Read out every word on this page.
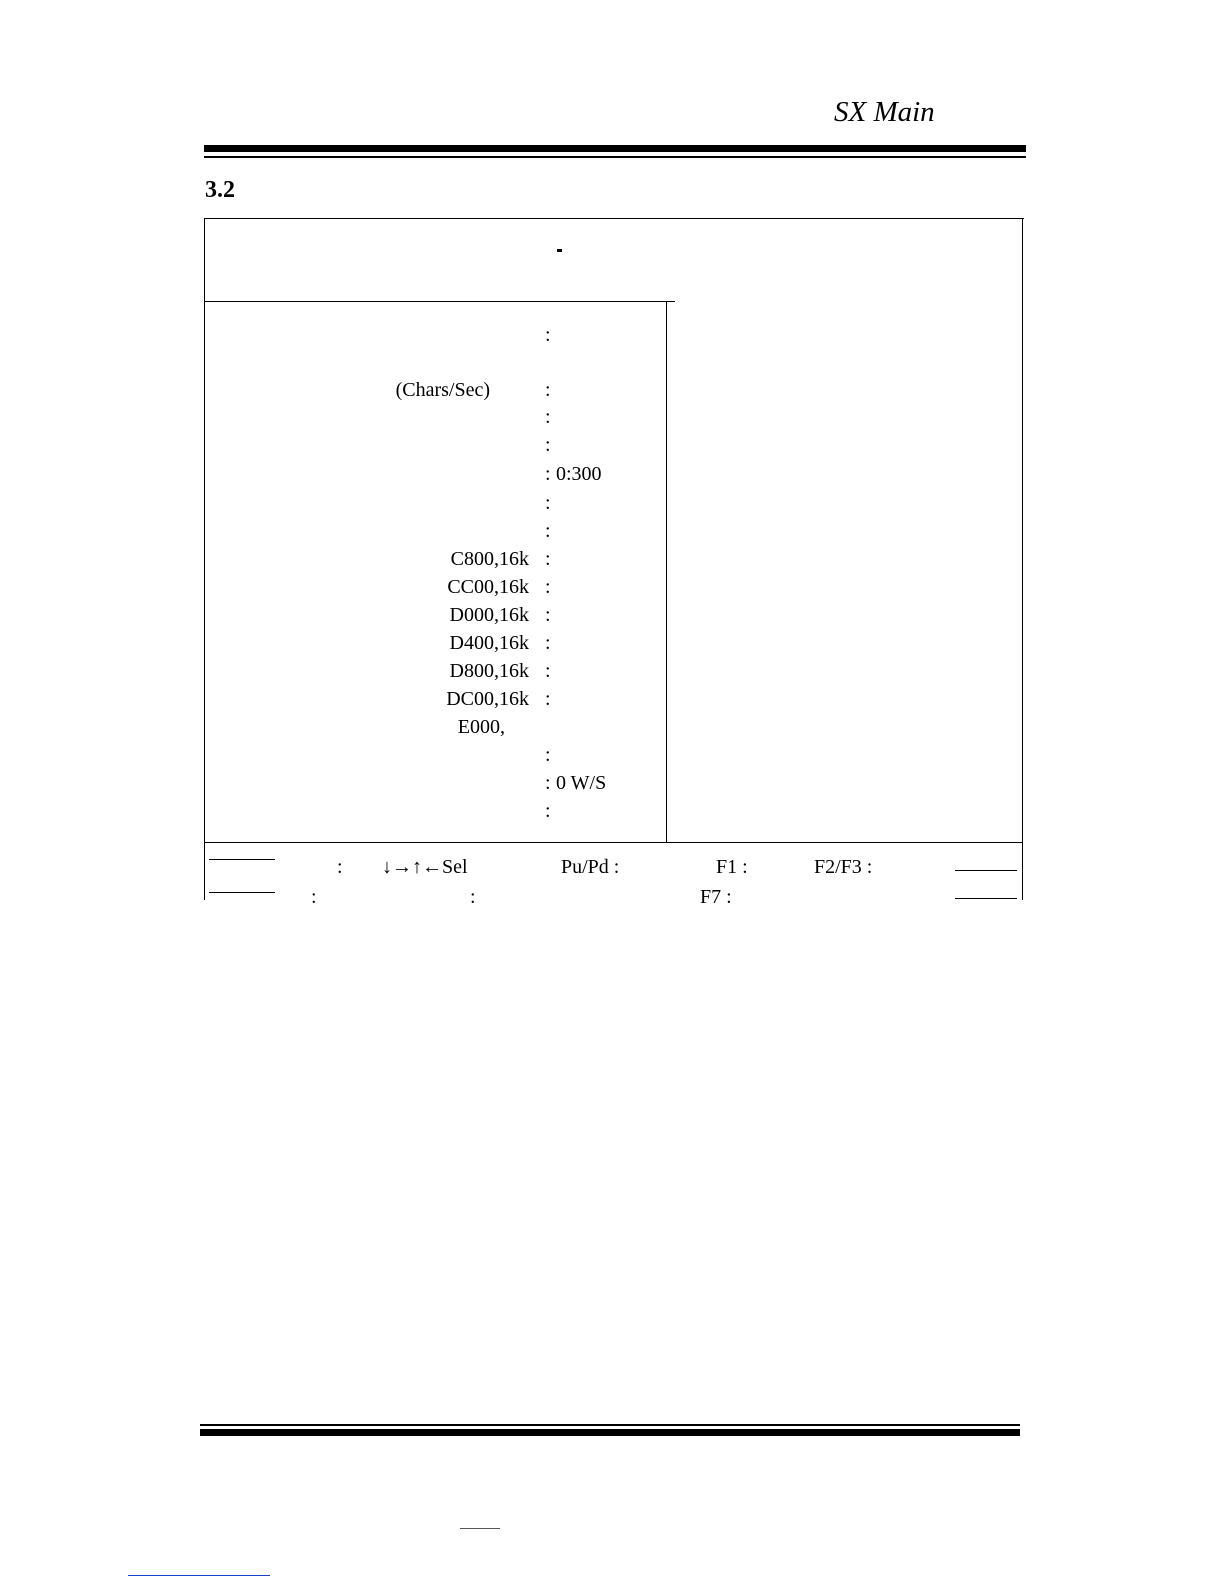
SX Main
3.2
:
(Chars/Sec)	:
:
:
: 0:300
:
:
C800,16k :
CC00,16k :
D000,16k :
D400,16k :
D800,16k :
DC00,16k :
E000,
:
: 0 W/S
:
: ↓→↑←Sel	Pu/Pd :	F1 :	F2/F3 :
:	:	F7 :
